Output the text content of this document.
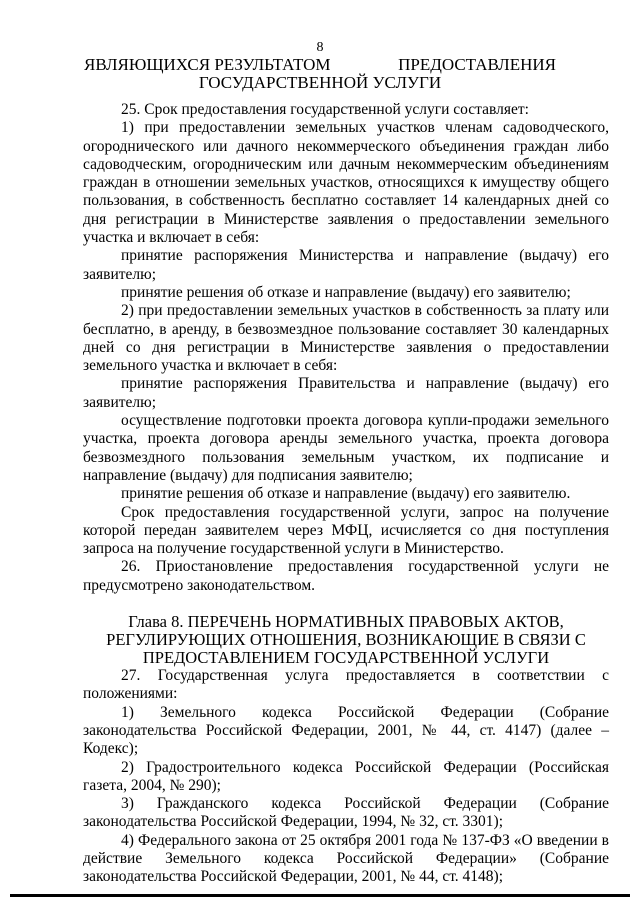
8
ЯВЛЯЮЩИХСЯ РЕЗУЛЬТАТОМ	ПРЕДОСТАВЛЕНИЯ
ГОСУДАРСТВЕННОЙ УСЛУГИ

25. Срок предоставления государственной услуги составляет:

1) при предоставлении земельных участков членам садоводческого, огороднического или дачного некоммерческого объединения граждан либо садоводческим, огородническим или дачным некоммерческим объединениям граждан в отношении земельных участков, относящихся к имуществу общего пользования, в собственность бесплатно составляет 14 календарных дней со дня регистрации в Министерстве заявления о предоставлении земельного участка и включает в себя:

принятие распоряжения Министерства и направление (выдачу) его заявителю;

принятие решения об отказе и направление (выдачу) его заявителю;

2) при предоставлении земельных участков в собственность за плату или бесплатно, в аренду, в безвозмездное пользование составляет 30 календарных дней со дня регистрации в Министерстве заявления о предоставлении земельного участка и включает в себя:

принятие распоряжения Правительства и направление (выдачу) его заявителю;

осуществление подготовки проекта договора купли-продажи земельного участка, проекта договора аренды земельного участка, проекта договора безвозмездного пользования земельным участком, их подписание и направление (выдачу) для подписания заявителю;

принятие решения об отказе и направление (выдачу) его заявителю.

Срок предоставления государственной услуги, запрос на получение которой передан заявителем через МФЦ, исчисляется со дня поступления запроса на получение государственной услуги в Министерство.

26. Приостановление предоставления государственной услуги не предусмотрено законодательством.

Глава 8. ПЕРЕЧЕНЬ НОРМАТИВНЫХ ПРАВОВЫХ АКТОВ,
РЕГУЛИРУЮЩИХ ОТНОШЕНИЯ, ВОЗНИКАЮЩИЕ В СВЯЗИ С
ПРЕДОСТАВЛЕНИЕМ ГОСУДАРСТВЕННОЙ УСЛУГИ

27. Государственная услуга предоставляется в соответствии с положениями:

1) Земельного кодекса Российской Федерации (Собрание законодательства Российской Федерации, 2001, № 44, ст. 4147) (далее – Кодекс);

2) Градостроительного кодекса Российской Федерации (Российская газета, 2004, № 290);

3) Гражданского кодекса Российской Федерации (Собрание законодательства Российской Федерации, 1994, № 32, ст. 3301);

4) Федерального закона от 25 октября 2001 года № 137-ФЗ «О введении в действие Земельного кодекса Российской Федерации» (Собрание законодательства Российской Федерации, 2001, № 44, ст. 4148);
